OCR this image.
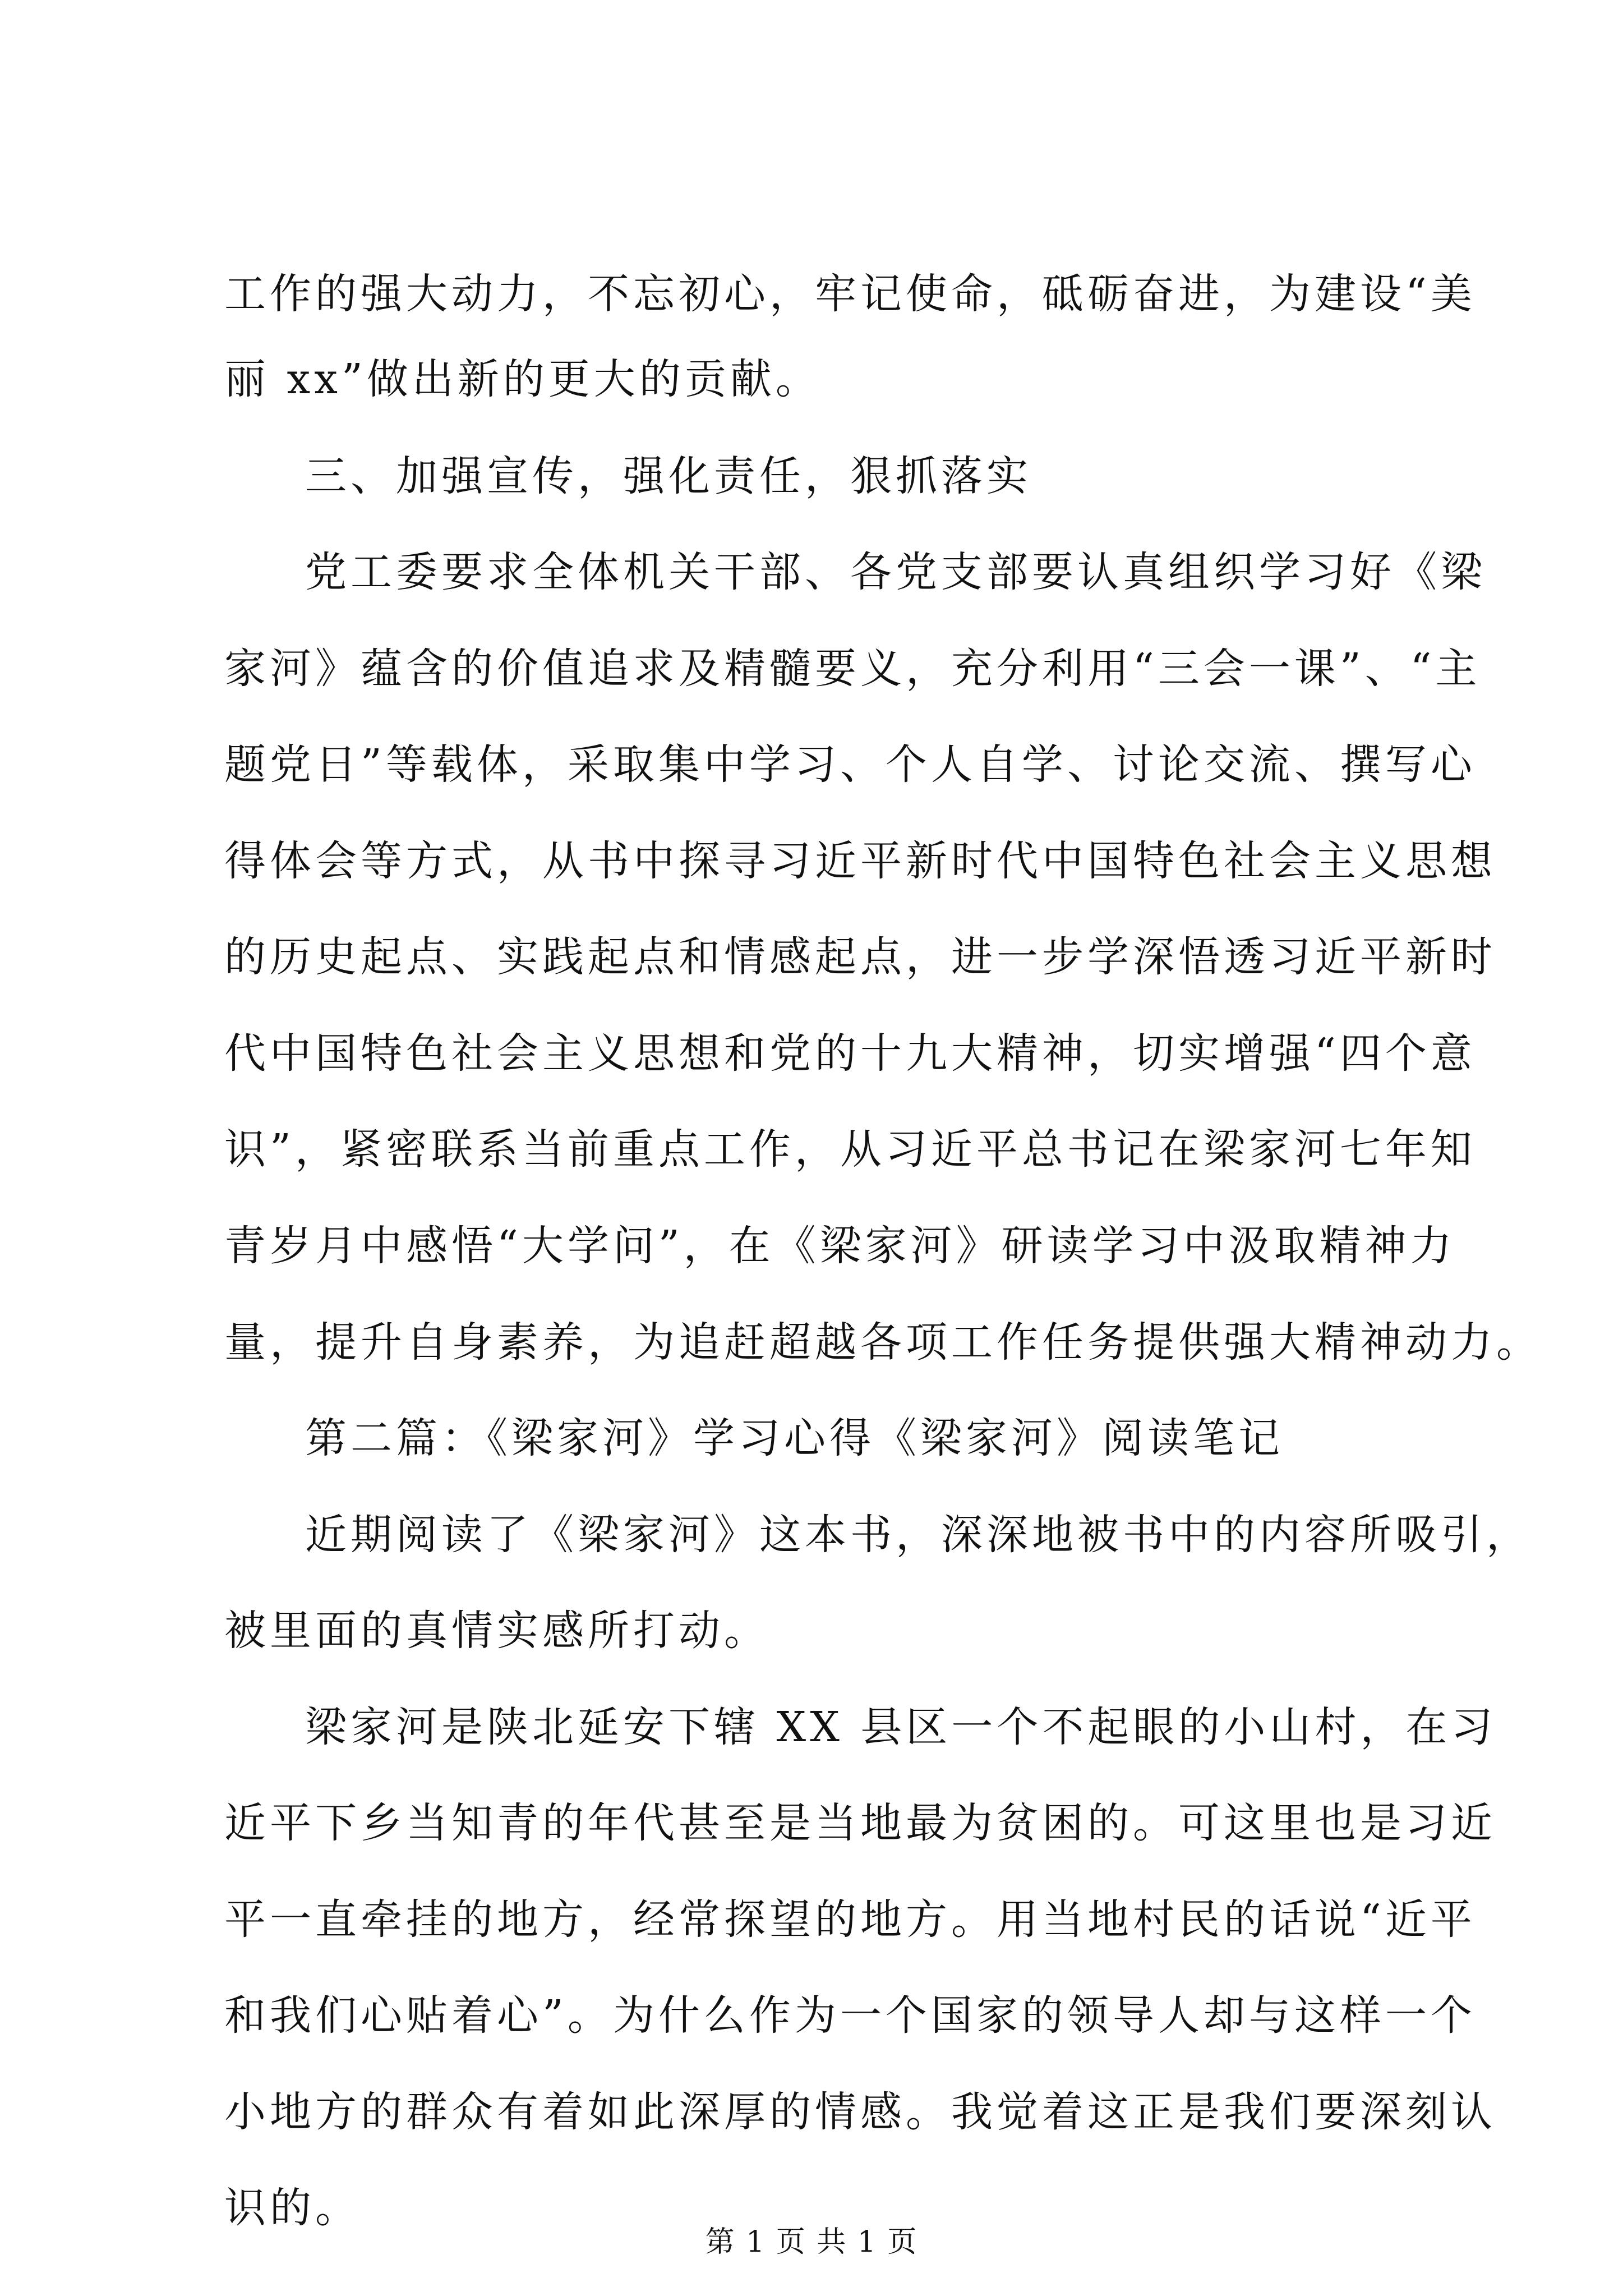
工作的强大动力，不忘初心，牢记使命，砥砺奋进，为建设“美
丽 xx”做出新的更大的贡献。
三、加强宣传，强化责任，狠抓落实
党工委要求全体机关干部、各党支部要认真组织学习好《梁
家河》蕴含的价值追求及精髓要义，充分利用“三会一课”、“主
题党日”等载体，采取集中学习、个人自学、讨论交流、撰写心
得体会等方式，从书中探寻习近平新时代中国特色社会主义思想
的历史起点、实践起点和情感起点，进一步学深悟透习近平新时
代中国特色社会主义思想和党的十九大精神，切实增强“四个意
识”，紧密联系当前重点工作，从习近平总书记在梁家河七年知
青岁月中感悟“大学问”，在《梁家河》研读学习中汲取精神力
量，提升自身素养，为追赶超越各项工作任务提供强大精神动力。
第二篇：《梁家河》学习心得《梁家河》阅读笔记
近期阅读了《梁家河》这本书，深深地被书中的内容所吸引，
被里面的真情实感所打动。
梁家河是陕北延安下辖 XX 县区一个不起眼的小山村，在习
近平下乡当知青的年代甚至是当地最为贫困的。可这里也是习近
平一直牵挂的地方，经常探望的地方。用当地村民的话说“近平
和我们心贴着心”。为什么作为一个国家的领导人却与这样一个
小地方的群众有着如此深厚的情感。我觉着这正是我们要深刻认
识的。
第 1 页 共 1 页
